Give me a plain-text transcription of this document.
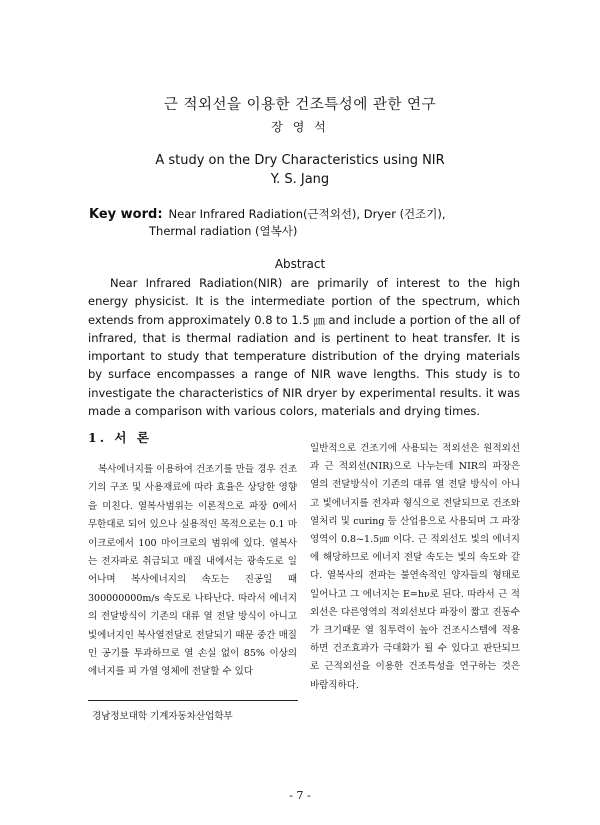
근 적외선을 이용한 건조특성에 관한 연구
장 영 석
A study on the Dry Characteristics using NIR
Y. S. Jang
Key word: Near Infrared Radiation(근적외선), Dryer (건조기),
Thermal radiation (열복사)
Abstract

Near Infrared Radiation(NIR) are primarily of interest to the high energy physicist. It is the intermediate portion of the spectrum, which extends from approximately 0.8 to 1.5 ㎛ and include a portion of the all of infrared, that is thermal radiation and is pertinent to heat transfer. It is important to study that temperature distribution of the drying materials by surface encompasses a range of NIR wave lengths. This study is to investigate the characteristics of NIR dryer by experimental results. it was made a comparison with various colors, materials and drying times.

1. 서 론

복사에너지를 이용하여 건조기를 만들 경우 건조기의 구조 및 사용재료에 따라 효율은 상당한 영향을 미친다. 열복사범위는 이론적으로 파장 0에서 무한대로 되어 있으나 실용적인 목적으로는 0.1 마이크로에서 100 마이크로의 범위에 있다. 열복사는 전자파로 취급되고 매질 내에서는 광속도로 일어나며 복사에너지의 속도는 진공일 때 300000000m/s 속도로 나타난다. 따라서 에너지의 전달방식이 기존의 대류 열 전달 방식이 아니고 빛에너지인 복사열전달로 전달되기 때문 중간 매질인 공기를 투과하므로 열 손실 없이 85% 이상의 에너지를 피 가열 영체에 전달할 수 있다

일반적으로 건조기에 사용되는 적외선은 원적외선과 근 적외선(NIR)으로 나누는데 NIR의 파장은 열의 전달방식이 기존의 대류 열 전달 방식이 아니고 빛에너지를 전자파 형식으로 전달되므로 건조와 열처리 및 curing 등 산업용으로 사용되며 그 파장 영역이 0.8~1.5㎛ 이다. 근 적외선도 빛의 에너지에 해당하므로 에너지 전달 속도는 빛의 속도와 같다. 열복사의 전파는 불연속적인 양자들의 형태로 일어나고 그 에너지는 E=hν로 된다. 따라서 근 적외선은 다른영역의 적외선보다 파장이 짧고 진동수가 크기때문 열 침투력이 높아 건조시스템에 적용하면 건조효과가 극대화가 될 수 있다고 판단되므로 근적외선을 이용한 건조특성을 연구하는 것은 바람직하다.

경남정보대학 기계자동차산업학부
- 7 -
